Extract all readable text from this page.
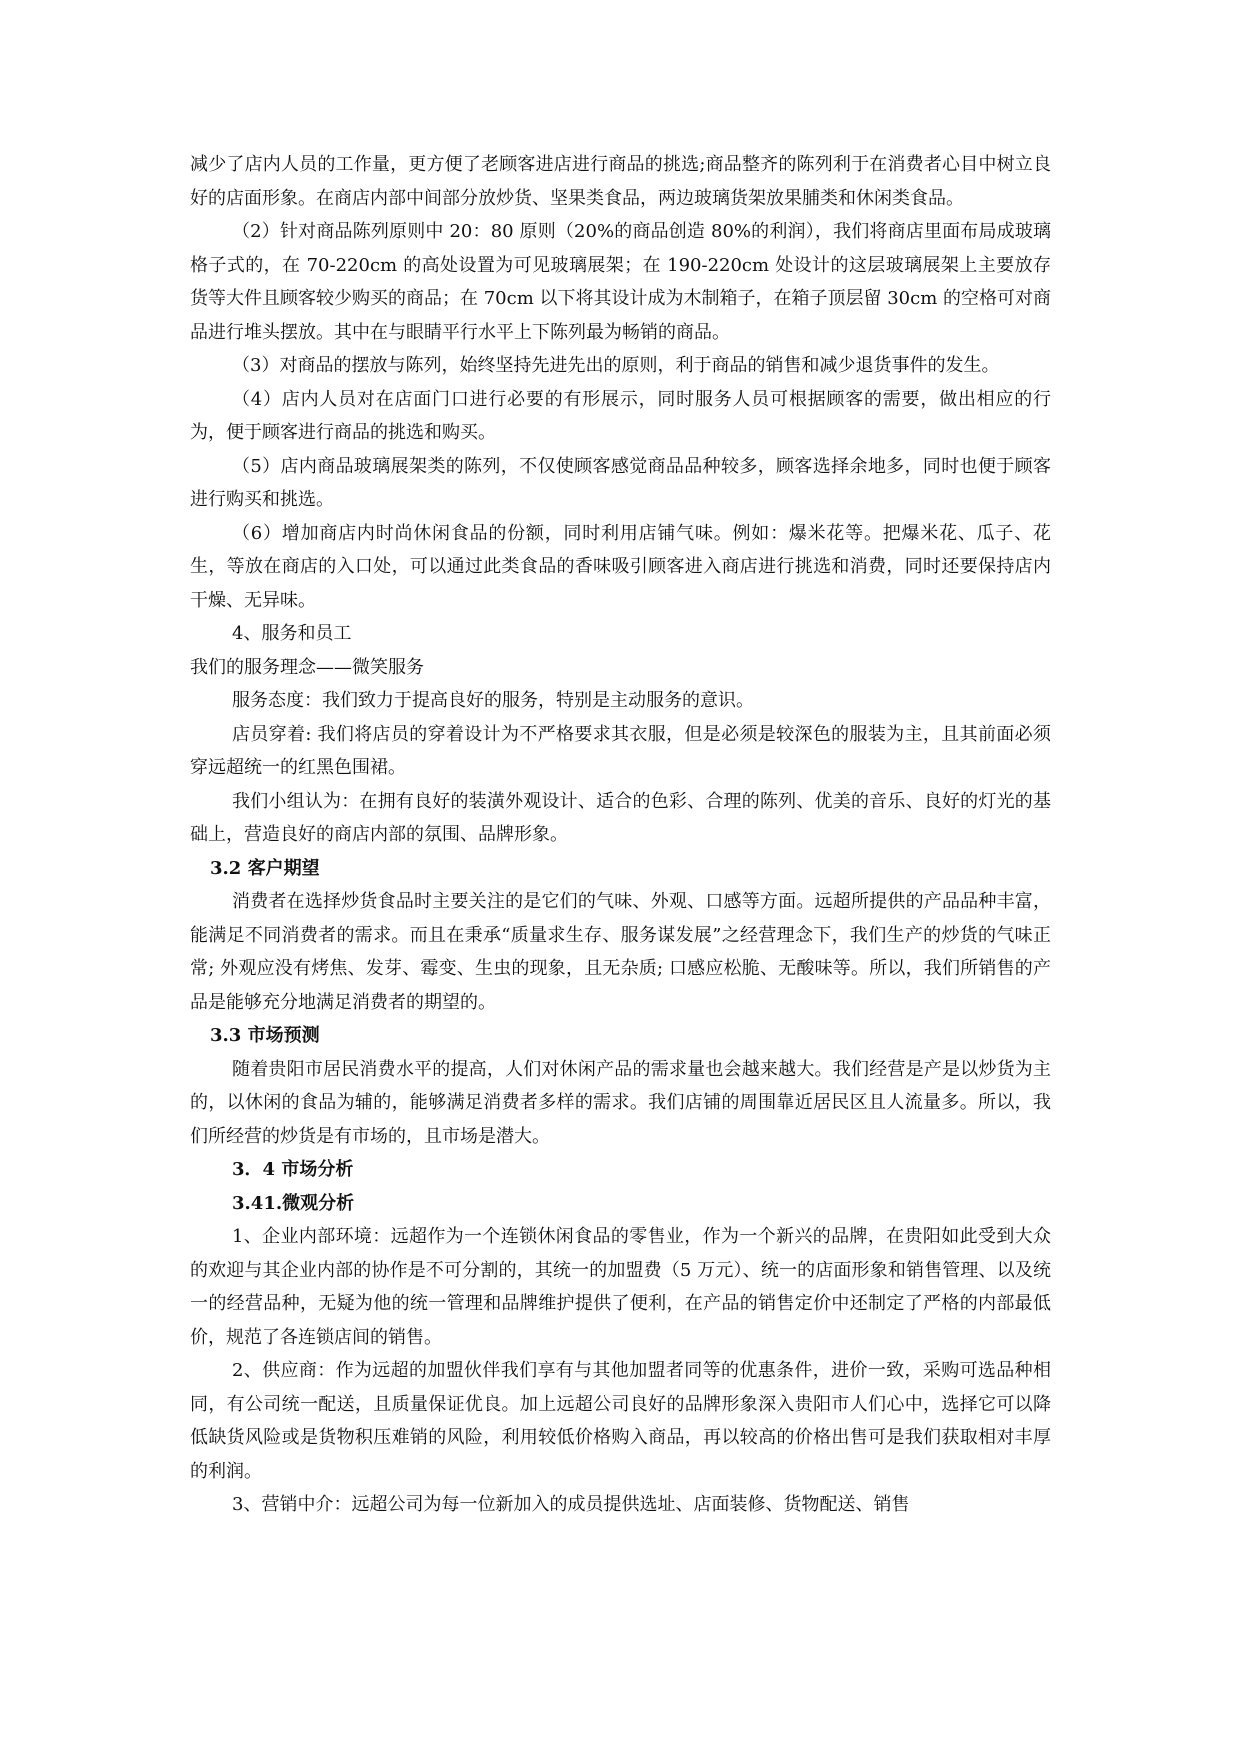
减少了店内人员的工作量，更方便了老顾客进店进行商品的挑选;商品整齐的陈列利于在消费者心目中树立良好的店面形象。在商店内部中间部分放炒货、坚果类食品，两边玻璃货架放果脯类和休闲类食品。

（2）针对商品陈列原则中 20：80 原则（20%的商品创造 80%的利润），我们将商店里面布局成玻璃格子式的，在 70-220cm 的高处设置为可见玻璃展架；在 190-220cm 处设计的这层玻璃展架上主要放存货等大件且顾客较少购买的商品；在 70cm 以下将其设计成为木制箱子，在箱子顶层留 30cm 的空格可对商品进行堆头摆放。其中在与眼睛平行水平上下陈列最为畅销的商品。

（3）对商品的摆放与陈列，始终坚持先进先出的原则，利于商品的销售和减少退货事件的发生。

（4）店内人员对在店面门口进行必要的有形展示，同时服务人员可根据顾客的需要，做出相应的行为，便于顾客进行商品的挑选和购买。

（5）店内商品玻璃展架类的陈列，不仅使顾客感觉商品品种较多，顾客选择余地多，同时也便于顾客进行购买和挑选。

（6）增加商店内时尚休闲食品的份额，同时利用店铺气味。例如：爆米花等。把爆米花、瓜子、花生，等放在商店的入口处，可以通过此类食品的香味吸引顾客进入商店进行挑选和消费，同时还要保持店内干燥、无异味。

4、服务和员工

我们的服务理念——微笑服务

服务态度：我们致力于提高良好的服务，特别是主动服务的意识。

店员穿着: 我们将店员的穿着设计为不严格要求其衣服，但是必须是较深色的服装为主，且其前面必须穿远超统一的红黑色围裙。

我们小组认为：在拥有良好的装潢外观设计、适合的色彩、合理的陈列、优美的音乐、良好的灯光的基础上，营造良好的商店内部的氛围、品牌形象。

3.2 客户期望

消费者在选择炒货食品时主要关注的是它们的气味、外观、口感等方面。远超所提供的产品品种丰富，能满足不同消费者的需求。而且在秉承“质量求生存、服务谋发展”之经营理念下，我们生产的炒货的气味正常; 外观应没有烤焦、发芽、霉变、生虫的现象，且无杂质; 口感应松脆、无酸味等。所以，我们所销售的产品是能够充分地满足消费者的期望的。

3.3 市场预测

随着贵阳市居民消费水平的提高，人们对休闲产品的需求量也会越来越大。我们经营是产是以炒货为主的，以休闲的食品为辅的，能够满足消费者多样的需求。我们店铺的周围靠近居民区且人流量多。所以，我们所经营的炒货是有市场的，且市场是潜大。

3．4 市场分析
3.41.微观分析

1、企业内部环境：远超作为一个连锁休闲食品的零售业，作为一个新兴的品牌，在贵阳如此受到大众的欢迎与其企业内部的协作是不可分割的，其统一的加盟费（5 万元）、统一的店面形象和销售管理、以及统一的经营品种，无疑为他的统一管理和品牌维护提供了便利，在产品的销售定价中还制定了严格的内部最低价，规范了各连锁店间的销售。

2、供应商：作为远超的加盟伙伴我们享有与其他加盟者同等的优惠条件，进价一致，采购可选品种相同，有公司统一配送，且质量保证优良。加上远超公司良好的品牌形象深入贵阳市人们心中，选择它可以降低缺货风险或是货物积压难销的风险，利用较低价格购入商品，再以较高的价格出售可是我们获取相对丰厚的利润。

3、营销中介：远超公司为每一位新加入的成员提供选址、店面装修、货物配送、销售
